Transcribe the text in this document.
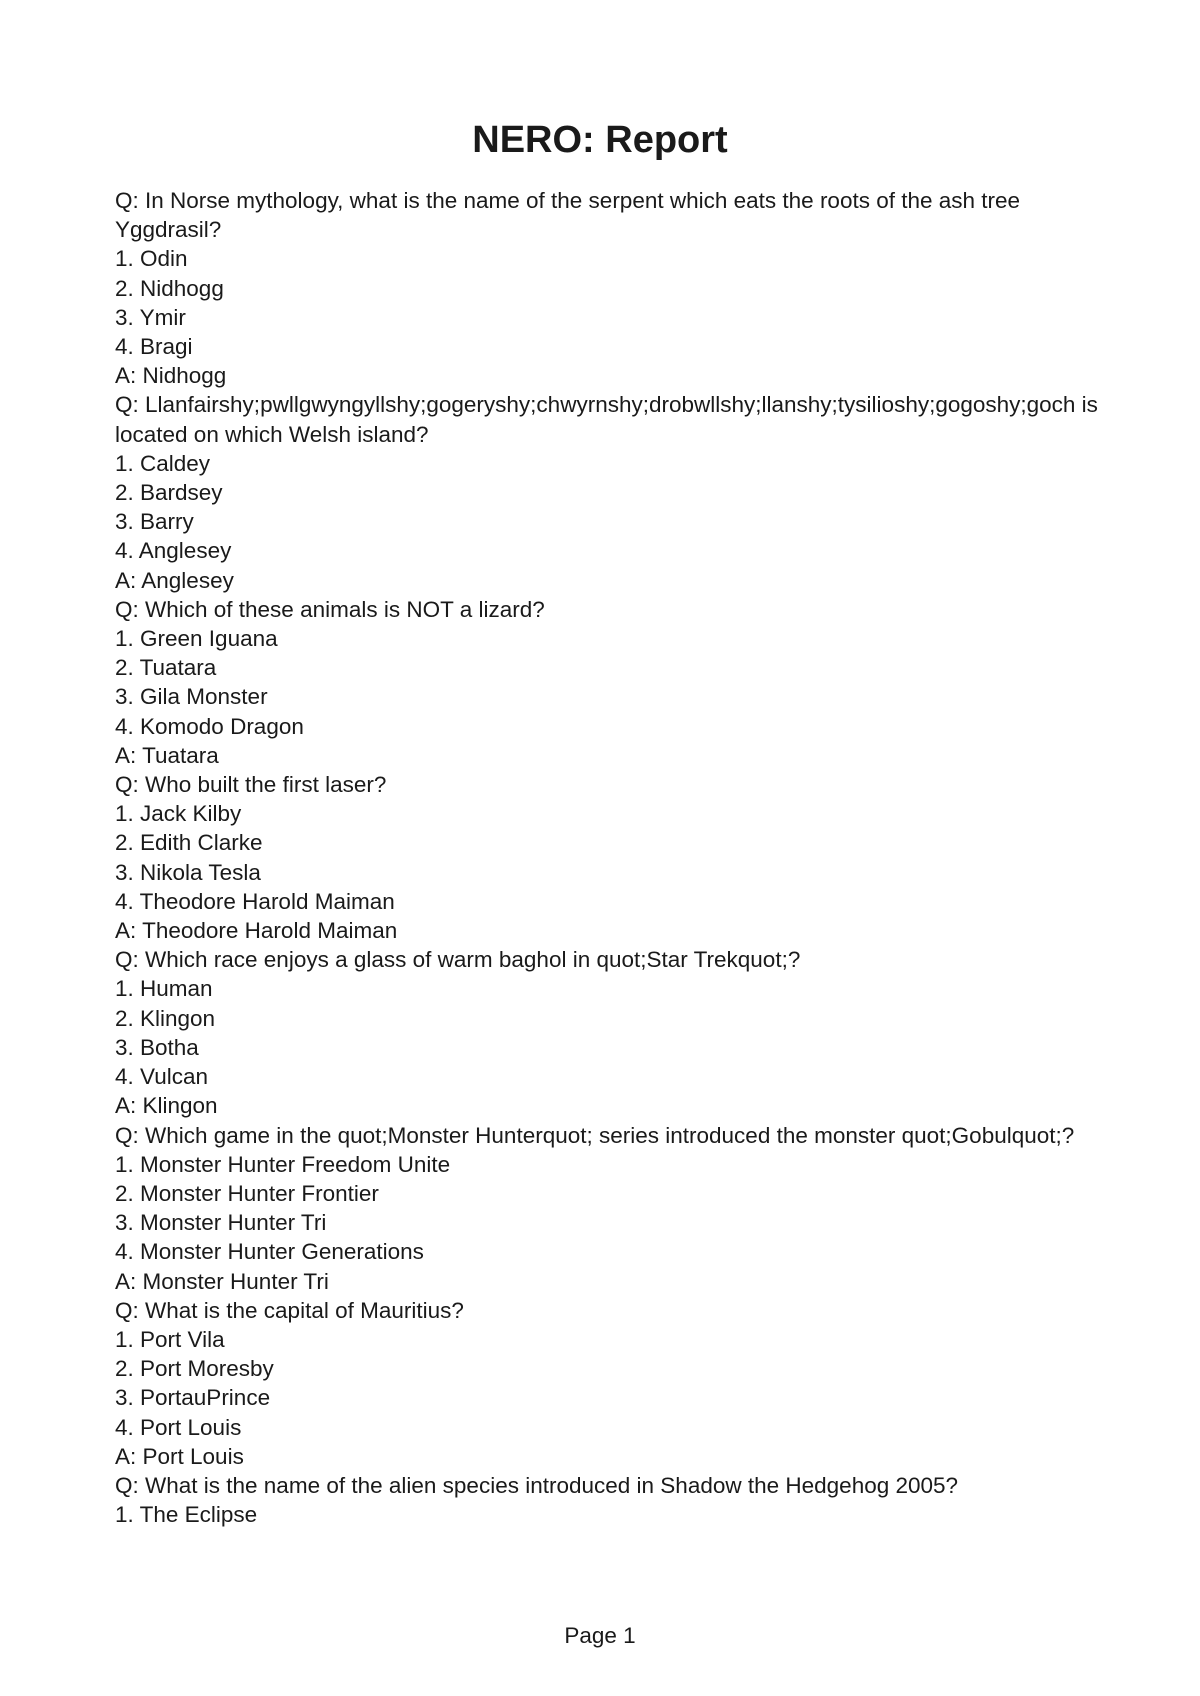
NERO: Report

Q: In Norse mythology, what is the name of the serpent which eats the roots of the ash tree Yggdrasil?

1. Odin

2. Nidhogg

3. Ymir

4. Bragi

A: Nidhogg

Q: Llanfairshy;pwllgwyngyllshy;gogeryshy;chwyrnshy;drobwllshy;llanshy;tysilioshy;gogoshy;goch is located on which Welsh island?

1. Caldey

2. Bardsey

3. Barry

4. Anglesey

A: Anglesey

Q: Which of these animals is NOT a lizard?

1. Green Iguana

2. Tuatara

3. Gila Monster

4. Komodo Dragon

A: Tuatara

Q: Who built the first laser?

1. Jack Kilby

2. Edith Clarke

3. Nikola Tesla

4. Theodore Harold Maiman

A: Theodore Harold Maiman

Q: Which race enjoys a glass of warm baghol in quot;Star Trekquot;?

1. Human

2. Klingon

3. Botha

4. Vulcan

A: Klingon

Q: Which game in the quot;Monster Hunterquot; series introduced the monster quot;Gobulquot;?

1. Monster Hunter Freedom Unite

2. Monster Hunter Frontier

3. Monster Hunter Tri

4. Monster Hunter Generations

A: Monster Hunter Tri

Q: What is the capital of Mauritius?

1. Port Vila

2. Port Moresby

3. PortauPrince

4. Port Louis

A: Port Louis

Q: What is the name of the alien species introduced in Shadow the Hedgehog 2005?

1. The Eclipse

Page 1
